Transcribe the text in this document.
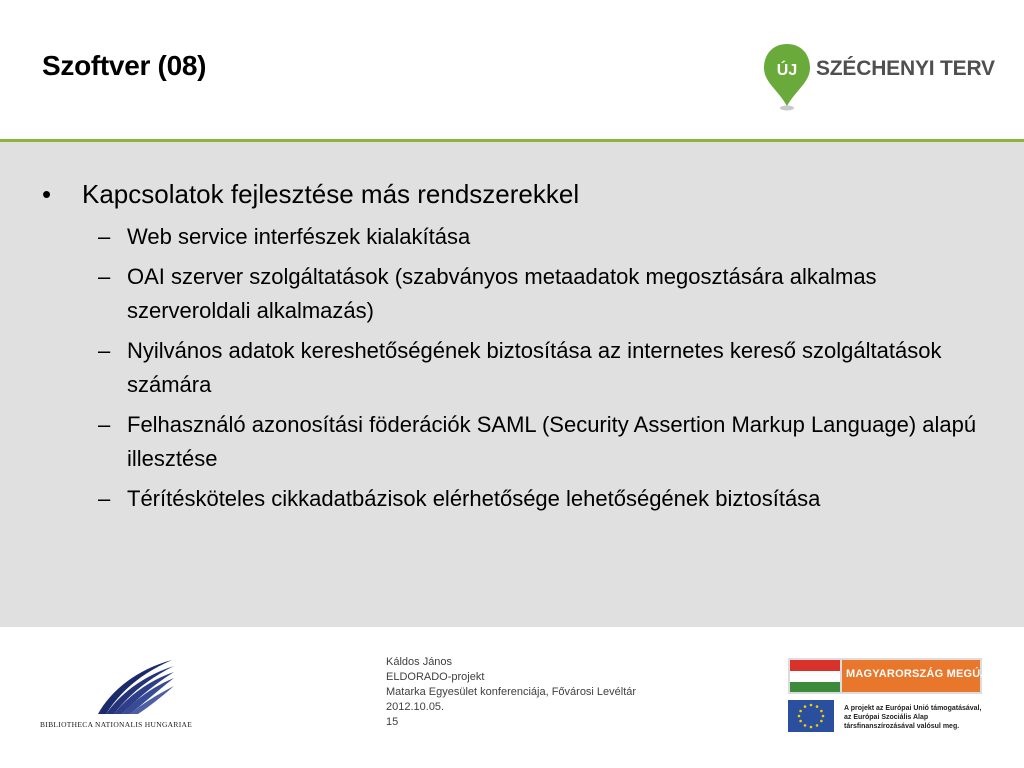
Szoftver (08)	ÚJ SZÉCHENYI TERV
• Kapcsolatok fejlesztése más rendszerekkel
– Web service interfészek kialakítása
– OAI szerver szolgáltatások (szabványos metaadatok megosztására alkalmas szerveroldali alkalmazás)
– Nyilvános adatok kereshetőségének biztosítása az internetes kereső szolgáltatások számára
– Felhasználó azonosítási föderációk SAML (Security Assertion Markup Language) alapú illesztése
– Térítésköteles cikkadatbázisok elérhetősége lehetőségének biztosítása
BIBLIOTHECA NATIONALIS HUNGARIAE
Káldos János
ELDORADO-projekt
Matarka Egyesület konferenciája, Fővárosi Levéltár
2012.10.05.
15
MAGYARORSZÁG MEGÚJUL
A projekt az Európai Unió támogatásával,
az Európai Szociális Alap
társfinanszírozásával valósul meg.
